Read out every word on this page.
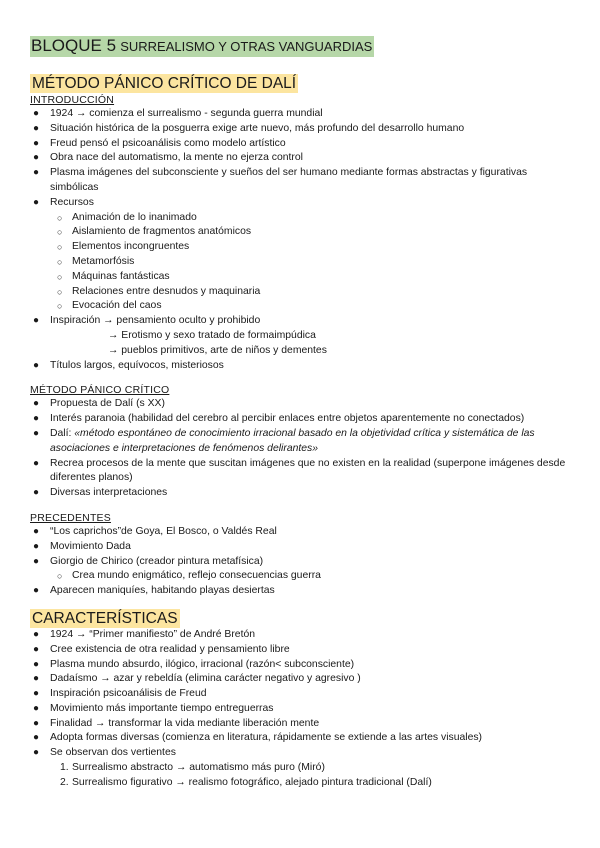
BLOQUE 5 SURREALISMO Y OTRAS VANGUARDIAS
MÉTODO PÁNICO CRÍTICO DE DALÍ
INTRODUCCIÓN
● 1924 → comienza el surrealismo - segunda guerra mundial
● Situación histórica de la posguerra exige arte nuevo, más profundo del desarrollo humano
● Freud pensó el psicoanálisis como modelo artístico
● Obra nace del automatismo, la mente no ejerza control
● Plasma imágenes del subconsciente y sueños del ser humano mediante formas abstractas y figurativas simbólicas
● Recursos
○ Animación de lo inanimado
○ Aislamiento de fragmentos anatómicos
○ Elementos incongruentes
○ Metamorfósis
○ Máquinas fantásticas
○ Relaciones entre desnudos y maquinaria
○ Evocación del caos
● Inspiración → pensamiento oculto y prohibido
→ Erotismo y sexo tratado de formaimpúdica
→ pueblos primitivos, arte de niños y dementes
● Títulos largos, equívocos, misteriosos
MÉTODO PÁNICO CRÍTICO
● Propuesta de Dalí (s XX)
● Interés paranoia (habilidad del cerebro al percibir enlaces entre objetos aparentemente no conectados)
● Dalí: «método espontáneo de conocimiento irracional basado en la objetividad crítica y sistemática de las asociaciones e interpretaciones de fenómenos delirantes»
● Recrea procesos de la mente que suscitan imágenes que no existen en la realidad (superpone imágenes desde diferentes planos)
● Diversas interpretaciones
PRECEDENTES
● “Los caprichos”de Goya, El Bosco, o Valdés Real
● Movimiento Dada
● Giorgio de Chirico (creador pintura metafísica)
○ Crea mundo enigmático, reflejo consecuencias guerra
● Aparecen maniquíes, habitando playas desiertas
CARACTERÍSTICAS
● 1924 → “Primer manifiesto” de André Bretón
● Cree existencia de otra realidad y pensamiento libre
● Plasma mundo absurdo, ilógico, irracional (razón< subconsciente)
● Dadaísmo → azar y rebeldía (elimina carácter negativo y agresivo )
● Inspiración psicoanálisis de Freud
● Movimiento más importante tiempo entreguerras
● Finalidad → transformar la vida mediante liberación mente
● Adopta formas diversas (comienza en literatura, rápidamente se extiende a las artes visuales)
● Se observan dos vertientes
1. Surrealismo abstracto → automatismo más puro (Miró)
2. Surrealismo figurativo → realismo fotográfico, alejado pintura tradicional (Dalí)
